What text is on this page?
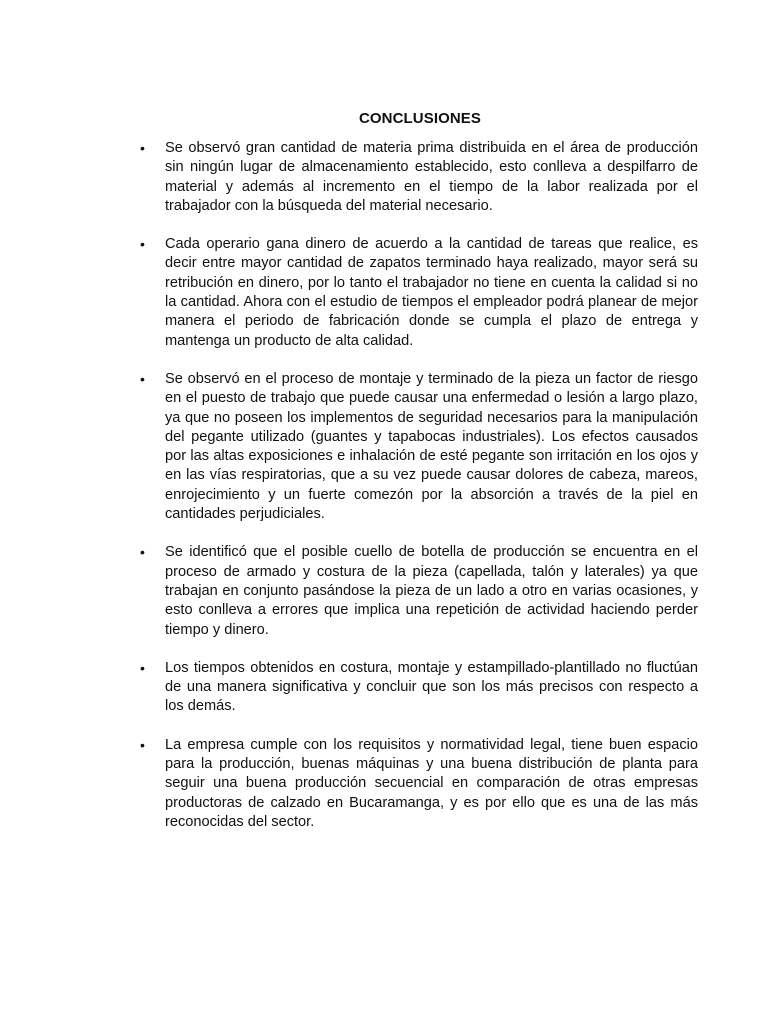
CONCLUSIONES
• Se observó gran cantidad de materia prima distribuida en el área de producción sin ningún lugar de almacenamiento establecido, esto conlleva a despilfarro de material y además al incremento en el tiempo de la labor realizada por el trabajador con la búsqueda del material necesario.
• Cada operario gana dinero de acuerdo a la cantidad de tareas que realice, es decir entre mayor cantidad de zapatos terminado haya realizado, mayor será su retribución en dinero, por lo tanto el trabajador no tiene en cuenta la calidad si no la cantidad. Ahora con el estudio de tiempos el empleador podrá planear de mejor manera el periodo de fabricación donde se cumpla el plazo de entrega y mantenga un producto de alta calidad.
• Se observó en el proceso de montaje y terminado de la pieza un factor de riesgo en el puesto de trabajo que puede causar una enfermedad o lesión a largo plazo, ya que no poseen los implementos de seguridad necesarios para la manipulación del pegante utilizado (guantes y tapabocas industriales). Los efectos causados por las altas exposiciones e inhalación de esté pegante son irritación en los ojos y en las vías respiratorias, que a su vez puede causar dolores de cabeza, mareos, enrojecimiento y un fuerte comezón por la absorción a través de la piel en cantidades perjudiciales.
• Se identificó que el posible cuello de botella de producción se encuentra en el proceso de armado y costura de la pieza (capellada, talón y laterales) ya que trabajan en conjunto pasándose la pieza de un lado a otro en varias ocasiones, y esto conlleva a errores que implica una repetición de actividad haciendo perder tiempo y dinero.
• Los tiempos obtenidos en costura, montaje y estampillado-plantillado no fluctúan de una manera significativa y concluir que son los más precisos con respecto a los demás.
• La empresa cumple con los requisitos y normatividad legal, tiene buen espacio para la producción, buenas máquinas y una buena distribución de planta para seguir una buena producción secuencial en comparación de otras empresas productoras de calzado en Bucaramanga, y es por ello que es una de las más reconocidas del sector.
